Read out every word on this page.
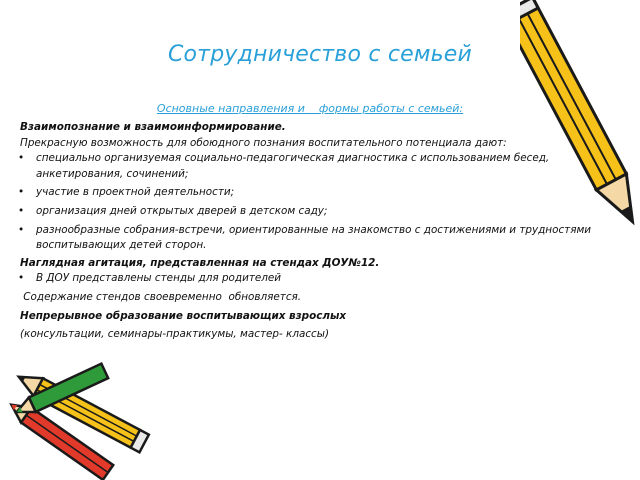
Сотрудничество с семьей
Основные направления и    формы работы с семьей:

Взаимопознание и взаимоинформирование.

Прекрасную возможность для обоюдного познания воспитательного потенциала дают:

• специально организуемая социально-педагогическая диагностика с использованием бесед, анкетирования, сочинений;
• участие в проектной деятельности;
• организация дней открытых дверей в детском саду;
• разнообразные собрания-встречи, ориентированные на знакомство с достижениями и трудностями воспитывающих детей сторон.

Наглядная агитация, представленная на стендах ДОУ№12.

• В ДОУ представлены стенды для родителей

Содержание стендов своевременно  обновляется.

Непрерывное образование воспитывающих взрослых

(консультации, семинары-практикумы, мастер- классы)
